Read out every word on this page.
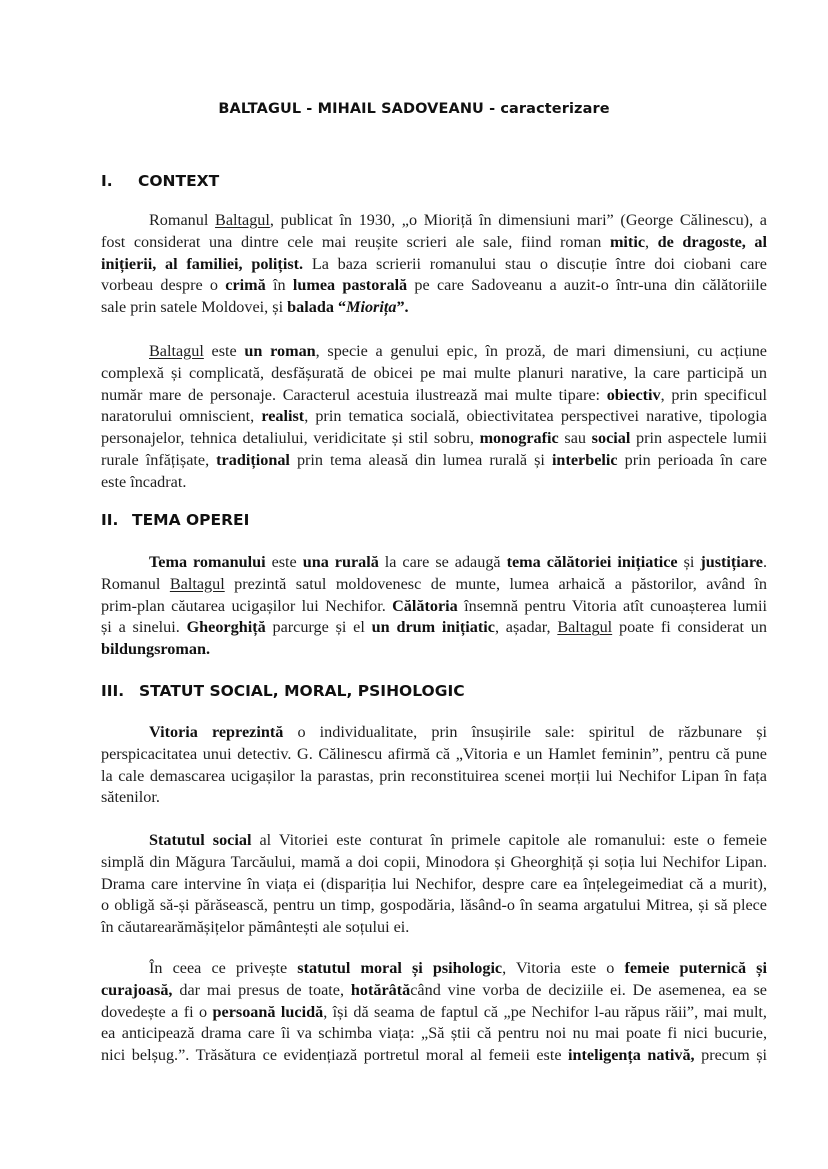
BALTAGUL - MIHAIL SADOVEANU - caracterizare
I. CONTEXT
Romanul Baltagul, publicat în 1930, „o Mioriță în dimensiuni mari” (George Călinescu), a
fost considerat una dintre cele mai reușite scrieri ale sale, fiind roman mitic, de dragoste, al
inițierii, al familiei, polițist. La baza scrierii romanului stau o discuție între doi ciobani care
vorbeau despre o crimă în lumea pastorală pe care Sadoveanu a auzit-o într-una din călătoriile
sale prin satele Moldovei, și balada “Miorița”.
Baltagul este un roman, specie a genului epic, în proză, de mari dimensiuni, cu acțiune
complexă și complicată, desfășurată de obicei pe mai multe planuri narative, la care participă un
număr mare de personaje. Caracterul acestuia ilustrează mai multe tipare: obiectiv, prin specificul
naratorului omniscient, realist, prin tematica socială, obiectivitatea perspectivei narative, tipologia
personajelor, tehnica detaliului, veridicitate și stil sobru, monografic sau social prin aspectele lumii
rurale înfățișate, tradițional prin tema aleasă din lumea rurală și interbelic prin perioada în care
este încadrat.
II. TEMA OPEREI
Tema romanului este una rurală la care se adaugă tema călătoriei inițiatice și justițiare.
Romanul Baltagul prezintă satul moldovenesc de munte, lumea arhaică a păstorilor, având în
prim-plan căutarea ucigașilor lui Nechifor. Călătoria însemnă pentru Vitoria atît cunoașterea lumii
și a sinelui. Gheorghiță parcurge și el un drum inițiatic, așadar, Baltagul poate fi considerat un
bildungsroman.
III. STATUT SOCIAL, MORAL, PSIHOLOGIC
Vitoria reprezintă o individualitate, prin însușirile sale: spiritul de răzbunare și
perspicacitatea unui detectiv. G. Călinescu afirmă că „Vitoria e un Hamlet feminin”, pentru că pune
la cale demascarea ucigașilor la parastas, prin reconstituirea scenei morții lui Nechifor Lipan în fața
sătenilor.
Statutul social al Vitoriei este conturat în primele capitole ale romanului: este o femeie
simplă din Măgura Tarcăului, mamă a doi copii, Minodora și Gheorghiță și soția lui Nechifor Lipan.
Drama care intervine în viața ei (dispariția lui Nechifor, despre care ea înțelegeimediat că a murit),
o obligă să-și părăsească, pentru un timp, gospodăria, lăsând-o în seama argatului Mitrea, și să plece
în căutarearămășițelor pământești ale soțului ei.
În ceea ce privește statutul moral și psihologic, Vitoria este o femeie puternică și
curajoasă, dar mai presus de toate, hotărâtăcând vine vorba de deciziile ei. De asemenea, ea se
dovedește a fi o persoană lucidă, își dă seama de faptul că „pe Nechifor l-au răpus răii”, mai mult,
ea anticipează drama care îi va schimba viața: „Să știi că pentru noi nu mai poate fi nici bucurie,
nici belșug.”. Trăsătura ce evidențiază portretul moral al femeii este inteligența nativă, precum și
